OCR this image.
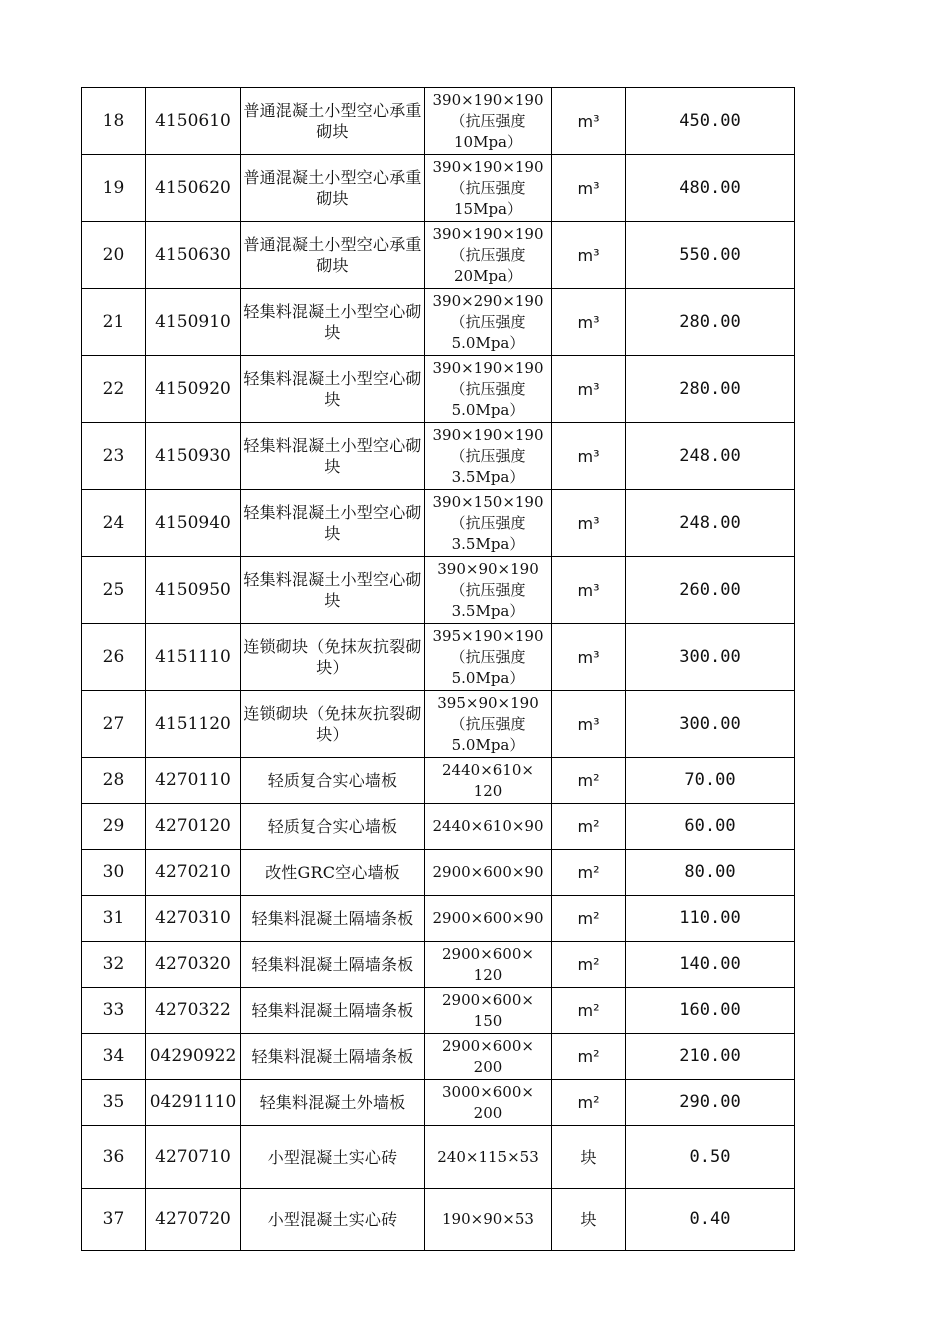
18	4150610	普通混凝土小型空心承重砌块	390×190×190
（抗压强度
10Mpa）	m³	450.00
19	4150620	普通混凝土小型空心承重砌块	390×190×190
（抗压强度
15Mpa）	m³	480.00
20	4150630	普通混凝土小型空心承重砌块	390×190×190
（抗压强度
20Mpa）	m³	550.00
21	4150910	轻集料混凝土小型空心砌块	390×290×190
（抗压强度
5.0Mpa）	m³	280.00
22	4150920	轻集料混凝土小型空心砌块	390×190×190
（抗压强度
5.0Mpa）	m³	280.00
23	4150930	轻集料混凝土小型空心砌块	390×190×190
（抗压强度
3.5Mpa）	m³	248.00
24	4150940	轻集料混凝土小型空心砌块	390×150×190
（抗压强度
3.5Mpa）	m³	248.00
25	4150950	轻集料混凝土小型空心砌块	390×90×190
（抗压强度
3.5Mpa）	m³	260.00
26	4151110	连锁砌块（免抹灰抗裂砌块）	395×190×190
（抗压强度
5.0Mpa）	m³	300.00
27	4151120	连锁砌块（免抹灰抗裂砌块）	395×90×190
（抗压强度
5.0Mpa）	m³	300.00
28	4270110	轻质复合实心墙板	2440×610×
120	m²	70.00
29	4270120	轻质复合实心墙板	2440×610×90	m²	60.00
30	4270210	改性GRC空心墙板	2900×600×90	m²	80.00
31	4270310	轻集料混凝土隔墙条板	2900×600×90	m²	110.00
32	4270320	轻集料混凝土隔墙条板	2900×600×
120	m²	140.00
33	4270322	轻集料混凝土隔墙条板	2900×600×
150	m²	160.00
34	04290922	轻集料混凝土隔墙条板	2900×600×
200	m²	210.00
35	04291110	轻集料混凝土外墙板	3000×600×
200	m²	290.00
36	4270710	小型混凝土实心砖	240×115×53	块	0.50
37	4270720	小型混凝土实心砖	190×90×53	块	0.40
